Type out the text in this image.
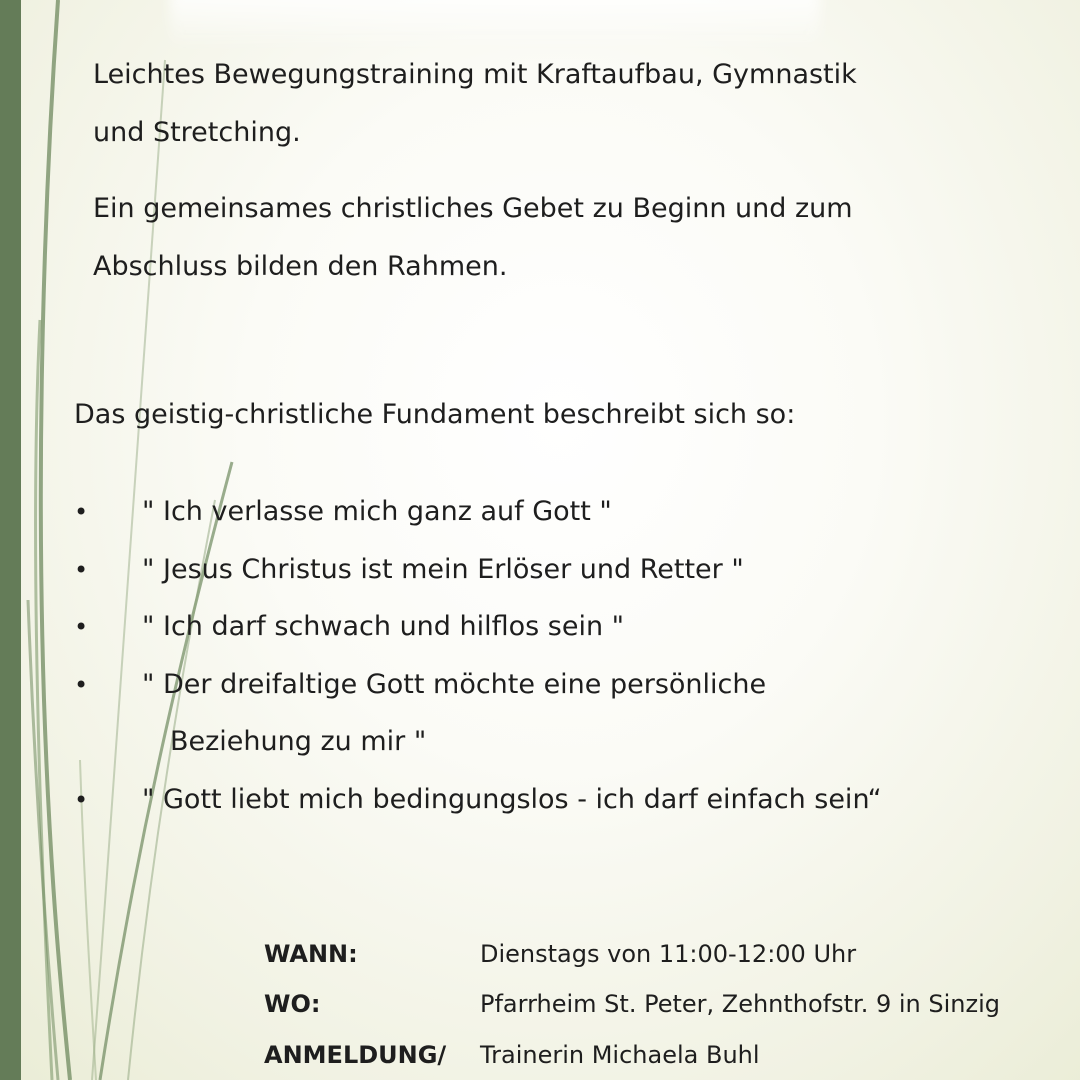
Leichtes Bewegungstraining mit Kraftaufbau, Gymnastik
und Stretching.
Ein gemeinsames christliches Gebet zu Beginn und zum
Abschluss bilden den Rahmen.
Das geistig-christliche Fundament beschreibt sich so:
• " Ich verlasse mich ganz auf Gott "
• " Jesus Christus ist mein Erlöser und Retter "
• " Ich darf schwach und hilflos sein "
• " Der dreifaltige Gott möchte eine persönliche
Beziehung zu mir "
• " Gott liebt mich bedingungslos - ich darf einfach sein“
WANN:	Dienstags von 11:00-12:00 Uhr
WO:	Pfarrheim St. Peter, Zehnthofstr. 9 in Sinzig
ANMELDUNG/ Trainerin Michaela Buhl
